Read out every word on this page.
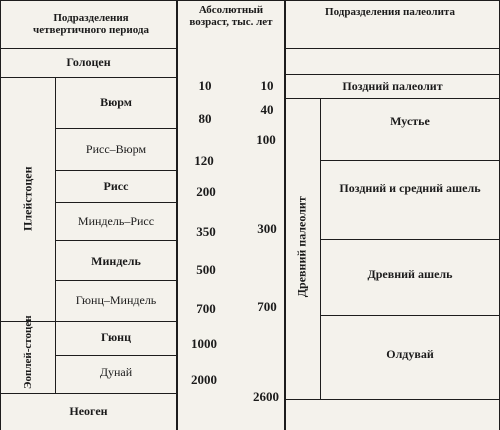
Подразделения четвертичного периода
Абсолютный возраст, тыс. лет
Подразделения палеолита
Голоцен
Плейстоцен
Эоплей-стоцен
Неоген
Вюрм
Рисс–Вюрм
Рисс
Миндель–Рисс
Миндель
Гюнц–Миндель
Гюнц
Дунай
10
80
120
200
350
500
700
1000
2000
10
40
100
300
700
2600
Поздний палеолит
Древний палеолит
Мустье
Поздний и средний ашель
Древний ашель
Олдувай
